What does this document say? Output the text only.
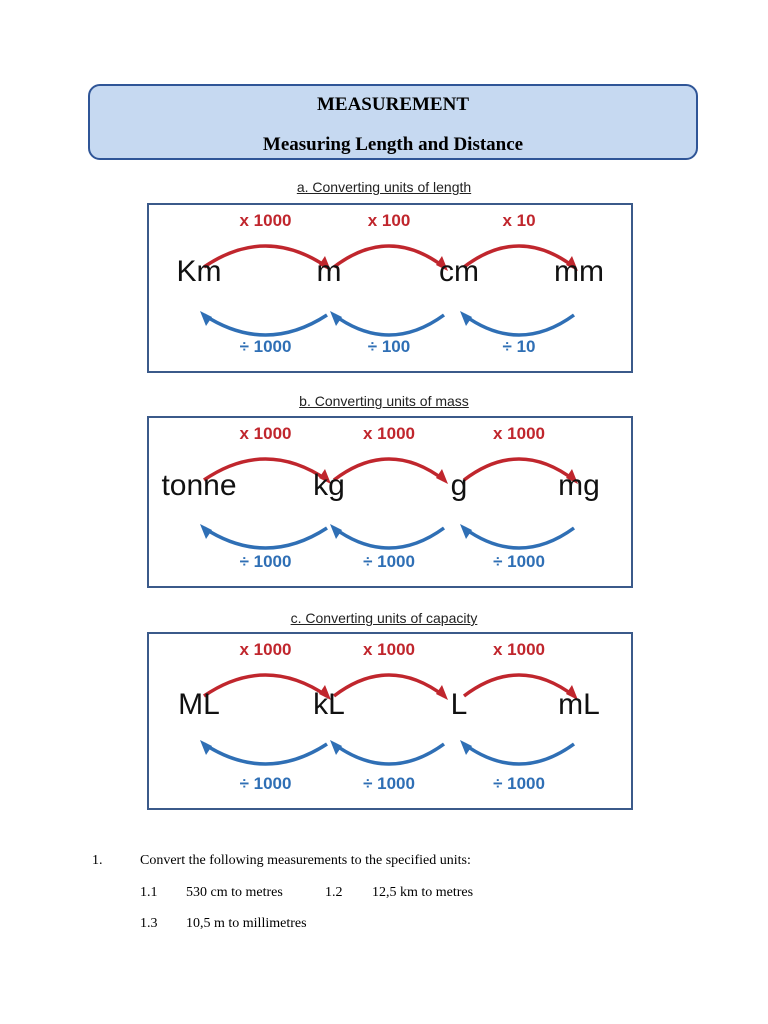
MEASUREMENT
Measuring Length and Distance
a. Converting units of length
x 1000	x 100	x 10
÷ 1000	÷ 100	÷ 10
Km	m	cm	mm
b. Converting units of mass
x 1000	x 1000	x 1000
÷ 1000	÷ 1000	÷ 1000
tonne	kg	g	mg
c. Converting units of capacity
x 1000	x 1000	x 1000
÷ 1000	÷ 1000	÷ 1000
ML	kL	L	mL
1.	Convert the following measurements to the specified units:
1.1 530 cm to metres	1.2 12,5 km to metres
1.3 10,5 m to millimetres
